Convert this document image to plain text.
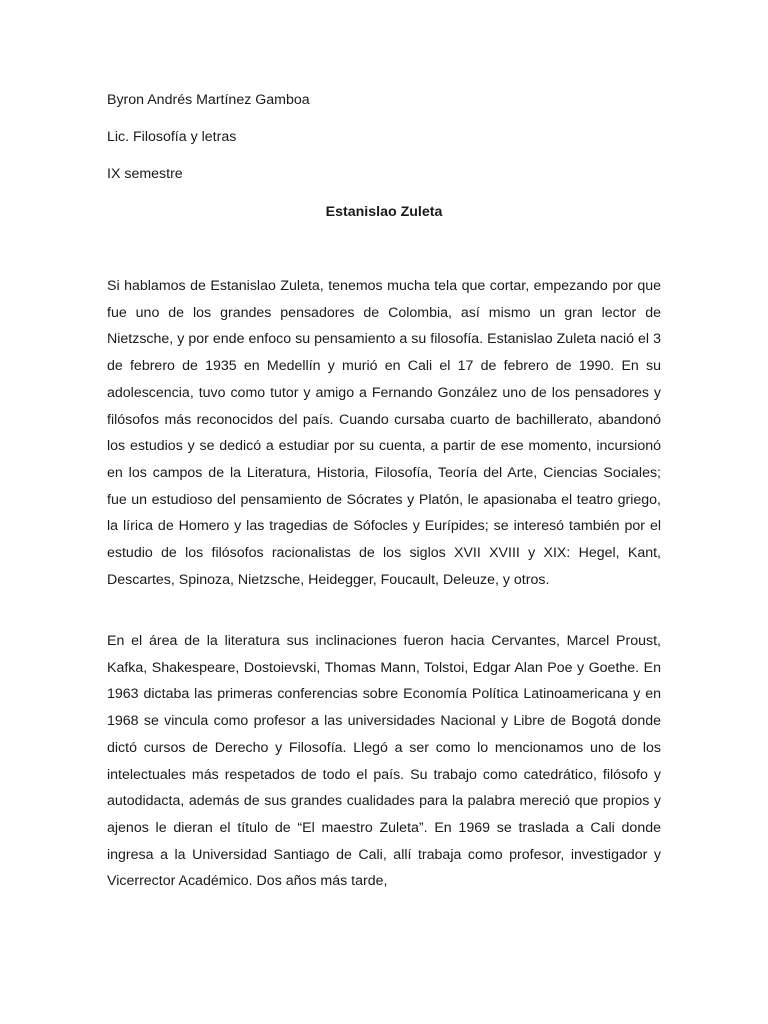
Byron Andrés Martínez Gamboa
Lic. Filosofía y letras
IX semestre
Estanislao Zuleta

Si hablamos de Estanislao Zuleta, tenemos mucha tela que cortar, empezando por que fue uno de los grandes pensadores de Colombia, así mismo un gran lector de Nietzsche, y por ende enfoco su pensamiento a su filosofía. Estanislao Zuleta nació el 3 de febrero de 1935 en Medellín y murió en Cali el 17 de febrero de 1990. En su adolescencia, tuvo como tutor y amigo a Fernando González uno de los pensadores y filósofos más reconocidos del país. Cuando cursaba cuarto de bachillerato, abandonó los estudios y se dedicó a estudiar por su cuenta, a partir de ese momento, incursionó en los campos de la Literatura, Historia, Filosofía, Teoría del Arte, Ciencias Sociales; fue un estudioso del pensamiento de Sócrates y Platón, le apasionaba el teatro griego, la lírica de Homero y las tragedias de Sófocles y Eurípides; se interesó también por el estudio de los filósofos racionalistas de los siglos XVII XVIII y XIX: Hegel, Kant, Descartes, Spinoza, Nietzsche, Heidegger, Foucault, Deleuze, y otros.

En el área de la literatura sus inclinaciones fueron hacia Cervantes, Marcel Proust, Kafka, Shakespeare, Dostoievski, Thomas Mann, Tolstoi, Edgar Alan Poe y Goethe. En 1963 dictaba las primeras conferencias sobre Economía Política Latinoamericana y en 1968 se vincula como profesor a las universidades Nacional y Libre de Bogotá donde dictó cursos de Derecho y Filosofía. Llegó a ser como lo mencionamos uno de los intelectuales más respetados de todo el país. Su trabajo como catedrático, filósofo y autodidacta, además de sus grandes cualidades para la palabra mereció que propios y ajenos le dieran el título de “El maestro Zuleta”. En 1969 se traslada a Cali donde ingresa a la Universidad Santiago de Cali, allí trabaja como profesor, investigador y Vicerrector Académico. Dos años más tarde,
